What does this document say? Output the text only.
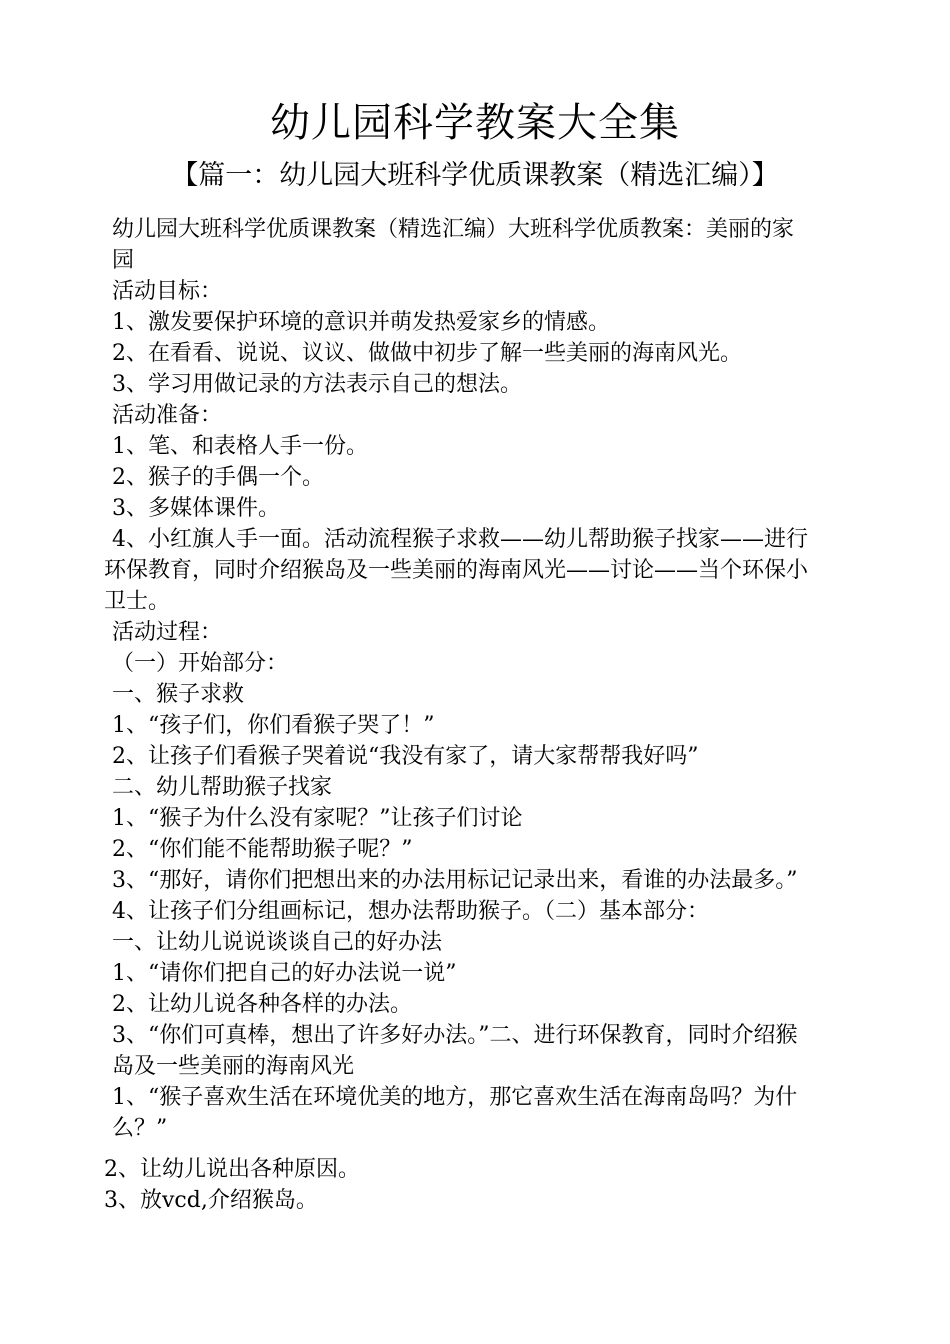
幼儿园科学教案大全集
【篇一：幼儿园大班科学优质课教案（精选汇编）】
幼儿园大班科学优质课教案（精选汇编）大班科学优质教案：美丽的家
园
活动目标：
1、激发要保护环境的意识并萌发热爱家乡的情感。
2、在看看、说说、议议、做做中初步了解一些美丽的海南风光。
3、学习用做记录的方法表示自己的想法。
活动准备：
1、笔、和表格人手一份。
2、猴子的手偶一个。
3、多媒体课件。
4、小红旗人手一面。活动流程猴子求救——幼儿帮助猴子找家——进行
环保教育，同时介绍猴岛及一些美丽的海南风光——讨论——当个环保小
卫士。
活动过程：
（一）开始部分：
一、猴子求救
1、“孩子们，你们看猴子哭了！”
2、让孩子们看猴子哭着说“我没有家了，请大家帮帮我好吗”
二、幼儿帮助猴子找家
1、“猴子为什么没有家呢？”让孩子们讨论
2、“你们能不能帮助猴子呢？”
3、“那好，请你们把想出来的办法用标记记录出来，看谁的办法最多。”
4、让孩子们分组画标记，想办法帮助猴子。（二）基本部分：
一、让幼儿说说谈谈自己的好办法
1、“请你们把自己的好办法说一说”
2、让幼儿说各种各样的办法。
3、“你们可真棒，想出了许多好办法。”二、进行环保教育，同时介绍猴
岛及一些美丽的海南风光
1、“猴子喜欢生活在环境优美的地方，那它喜欢生活在海南岛吗？为什
么？”
2、让幼儿说出各种原因。
3、放vcd,介绍猴岛。
